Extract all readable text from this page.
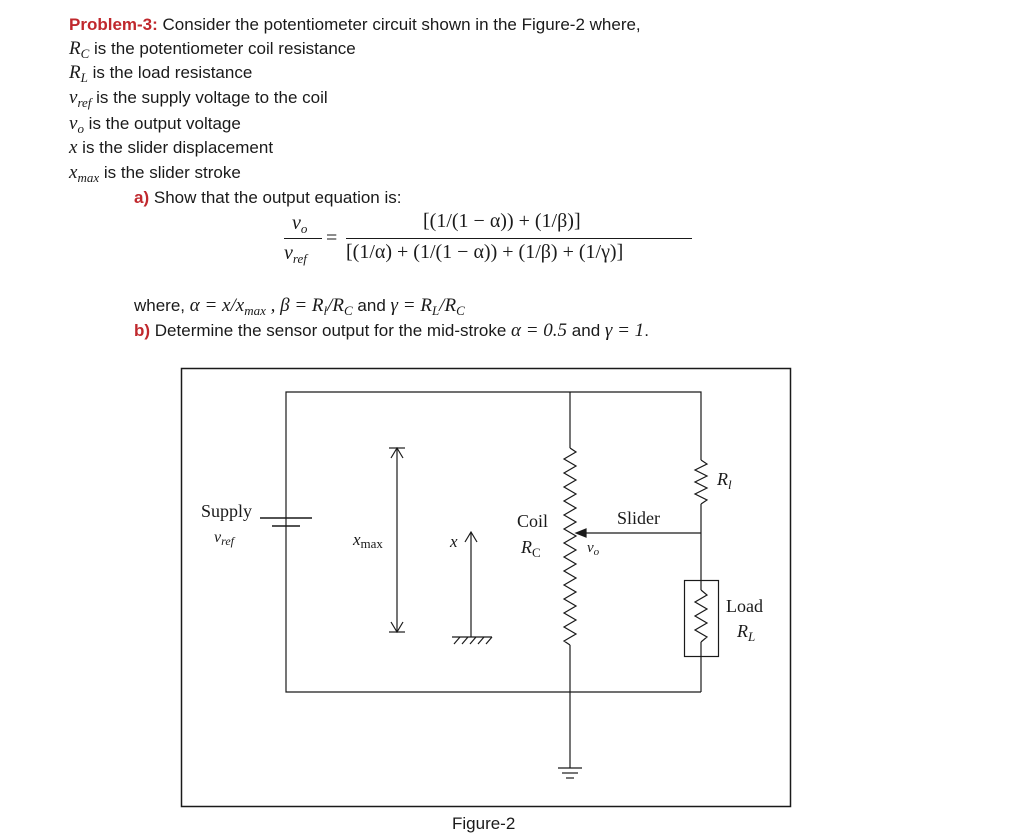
Problem-3: Consider the potentiometer circuit shown in the Figure-2 where,
$R_C$ is the potentiometer coil resistance
$R_L$ is the load resistance
$v_{ref}$ is the supply voltage to the coil
$v_o$ is the output voltage
x is the slider displacement
$x_{max}$ is the slider stroke
a) Show that the output equation is:
$v_o$
$v_{ref}$
=
[(1/(1 − α)) + (1/β)]
[(1/α) + (1/(1 − α)) + (1/β) + (1/γ)]
where, $\alpha = x/x_{max}$ , $\beta = R_l/R_C$ and $\gamma = R_L/R_C$
b) Determine the sensor output for the mid-stroke α = 0.5 and γ = 1.
Supply
vref	xmax	x
Coil
$R_C$	$v_o$
Slider
$R_l$
Load
$R_L$
Figure-2
